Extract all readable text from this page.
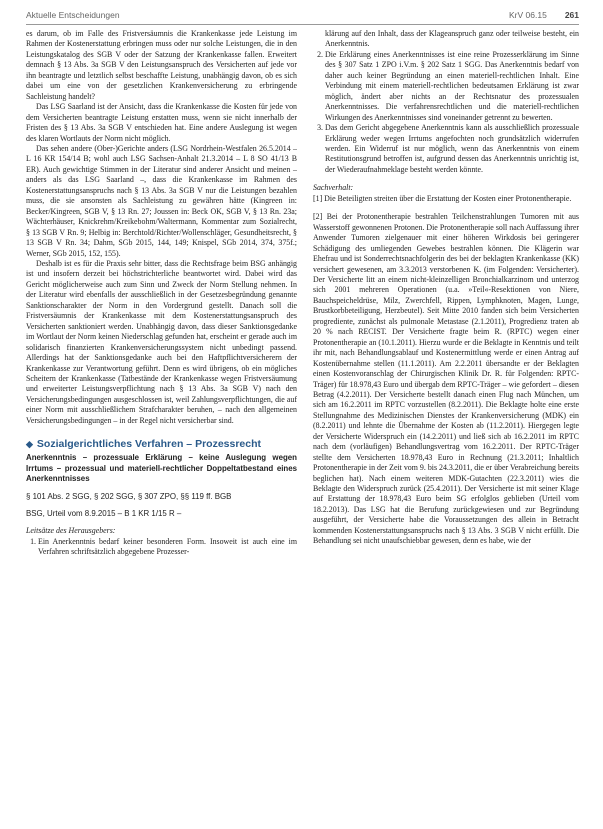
Aktuelle Entscheidungen	KrV 06.15 261

es darum, ob im Falle des Fristversäumnis die Krankenkasse jede Leistung im Rahmen der Kostenerstattung erbringen muss oder nur solche Leistungen, die in den Leistungskatalog des SGB V oder der Satzung der Krankenkasse fallen. Erweitert demnach § 13 Abs. 3a SGB V den Leistungsanspruch des Versicherten auf jede vor ihn beantragte und letztlich selbst beschaffte Leistung, unabhängig davon, ob es sich dabei um eine von der gesetzlichen Krankenversicherung zu erbringende Sachleistung handelt?

Das LSG Saarland ist der Ansicht, dass die Krankenkasse die Kosten für jede von dem Versicherten beantragte Leistung erstatten muss, wenn sie nicht innerhalb der Fristen des § 13 Abs. 3a SGB V entschieden hat. Eine andere Auslegung ist wegen des klaren Wortlauts der Norm nicht möglich.

Das sehen andere (Ober-)Gerichte anders (LSG Nordrhein-Westfalen 26.5.2014 – L 16 KR 154/14 B; wohl auch LSG Sachsen-Anhalt 21.3.2014 – L 8 SO 41/13 B ER). Auch gewichtige Stimmen in der Literatur sind anderer Ansicht und meinen – anders als das LSG Saarland –, dass die Krankenkasse im Rahmen des Kostenerstattungsanspruchs nach § 13 Abs. 3a SGB V nur die Leistungen bezahlen muss, die sie ansonsten als Sachleistung zu gewähren hätte (Kingreen in: Becker/Kingreen, SGB V, § 13 Rn. 27; Joussen in: Beck OK, SGB V, § 13 Rn. 23a; Wächterhäuser, Knickrehm/Kreikebohm/Waltermann, Kommentar zum Sozialrecht, § 13 SGB V Rn. 9; Helbig in: Berchtold/Richter/Wollenschläger, Gesundheitsrecht, § 13 SGB V Rn. 34; Dahm, SGb 2015, 144, 149; Knispel, SGb 2014, 374, 375f.; Werner, SGb 2015, 152, 155).

Deshalb ist es für die Praxis sehr bitter, dass die Rechtsfrage beim BSG anhängig ist und insofern derzeit bei höchstrichterliche beantwortet wird. Dabei wird das Gericht möglicherweise auch zum Sinn und Zweck der Norm Stellung nehmen. In der Literatur wird ebenfalls der ausschließlich in der Gesetzesbegründung genannte Sanktionscharakter der Norm in den Vordergrund gestellt. Danach soll die Fristversäumnis der Krankenkasse mit dem Kostenerstattungsanspruch des Versicherten sanktioniert werden. Unabhängig davon, dass dieser Sanktionsgedanke im Wortlaut der Norm keinen Niederschlag gefunden hat, erscheint er gerade auch im solidarisch finanzierten Krankenversicherungssystem nicht unbedingt passend. Allerdings hat der Sanktionsgedanke auch bei den Haftpflichtversicherern der Krankenkasse zur Verantwortung geführt. Denn es wird übrigens, ob ein mögliches Scheitern der Krankenkasse (Tatbestände der Krankenkasse wegen Fristversäumung und erweiterter Leistungsverpflichtung nach § 13 Abs. 3a SGB V) nach den Versicherungsbedingungen ausgeschlossen ist, weil Zahlungsverpflichtungen, die auf einer Norm mit ausschließlichem Strafcharakter beruhen, – nach den allgemeinen Versicherungsbedingungen – in der Regel nicht versicherbar sind.

◆ Sozialgerichtliches Verfahren – Prozessrecht
Anerkenntnis – prozessuale Erklärung – keine Auslegung wegen Irrtums – prozessual und materiell-rechtlicher Doppeltatbestand eines Anerkenntnisses
§ 101 Abs. 2 SGG, § 202 SGG, § 307 ZPO, §§ 119 ff. BGB
BSG, Urteil vom 8.9.2015 – B 1 KR 1/15 R –
Leitsätze des Herausgebers:
1. Ein Anerkenntnis bedarf keiner besonderen Form. Insoweit ist auch eine im Verfahren schriftsätzlich abgegebene Prozesser-

klärung auf den Inhalt, dass der Klageanspruch ganz oder teilweise besteht, ein Anerkenntnis.

2. Die Erklärung eines Anerkenntnisses ist eine reine Prozesserklärung im Sinne des § 307 Satz 1 ZPO i.V.m. § 202 Satz 1 SGG. Das Anerkenntnis bedarf von daher auch keiner Begründung an einen materiell-rechtlichen Inhalt. Eine Verbindung mit einem materiell-rechtlichen bedeutsamen Erklärung ist zwar möglich, ändert aber nichts an der Rechtsnatur des prozessualen Anerkenntnisses. Die verfahrensrechtlichen und die materiell-rechtlichen Wirkungen des Anerkenntnisses sind voneinander getrennt zu bewerten.
3. Das dem Gericht abgegebene Anerkenntnis kann als ausschließlich prozessuale Erklärung weder wegen Irrtums angefochten noch grundsätzlich widerrufen werden. Ein Widerruf ist nur möglich, wenn das Anerkenntnis von einem Restitutionsgrund betroffen ist, aufgrund dessen das Anerkenntnis unrichtig ist, der Wiederaufnahmeklage besteht werden könnte.
Sachverhalt:

[1] Die Beteiligten streiten über die Erstattung der Kosten einer Protonentherapie.

[2] Bei der Protonentherapie bestrahlen Teilchenstrahlungen Tumoren mit aus Wasserstoff gewonnenen Protonen. Die Protonentherapie soll nach Auffassung ihrer Anwender Tumoren zielgenauer mit einer höheren Wirkdosis bei geringerer Schädigung des umliegenden Gewebes bestrahlen können. Die Klägerin war Ehefrau und ist Sonderrechtsnachfolgerin des bei der beklagten Krankenkasse (KK) versichert gewesenen, am 3.3.2013 verstorbenen K. (im Folgenden: Versicherter). Der Versicherte litt an einem nicht-kleinzelligen Bronchialkarzinom und unterzog sich 2001 mehreren Operationen (u.a. »Teil«-Resektionen von Niere, Bauchspeicheldrüse, Milz, Zwerchfell, Rippen, Lymphknoten, Magen, Lunge, Brustkorbbeteiligung, Herzbeutel). Seit Mitte 2010 fanden sich beim Versicherten progrediente, zunächst als pulmonale Metastase (2.1.2011), Progredienz traten ab 20 % nach RECIST. Der Versicherte fragte beim R. (RPTC) wegen einer Protonentherapie an (10.1.2011). Hierzu wurde er die Beklagte in Kenntnis und teilt ihr mit, nach Behandlungsablauf und Kostenermittlung werde er einen Antrag auf Kostenübernahme stellen (11.1.2011). Am 2.2.2011 übersandte er der Beklagten einen Kostenvoranschlag der Chirurgischen Klinik Dr. R. für Folgenden: RPTC-Träger) für 18.978,43 Euro und übergab dem RPTC-Träger – wie gefordert – diesen Betrag (4.2.2011). Der Versicherte bestellt danach einen Flug nach München, um sich am 16.2.2011 im RPTC vorzustellen (8.2.2011). Die Beklagte holte eine erste Stellungnahme des Medizinischen Dienstes der Krankenversicherung (MDK) ein (8.2.2011) und lehnte die Übernahme der Kosten ab (11.2.2011). Hiergegen legte der Versicherte Widerspruch ein (14.2.2011) und ließ sich ab 16.2.2011 im RPTC nach dem (vorläufigen) Behandlungsvertrag vom 16.2.2011. Der RPTC-Träger stellte dem Versicherten 18.978,43 Euro in Rechnung (21.3.2011; Inhaltlich Protonentherapie in der Zeit vom 9. bis 24.3.2011, die er über Verabreichung bereits beglichen hat). Nach einem weiteren MDK-Gutachten (22.3.2011) wies die Beklagte den Widerspruch zurück (25.4.2011). Der Versicherte ist mit seiner Klage auf Erstattung der 18.978,43 Euro beim SG erfolglos geblieben (Urteil vom 18.2.2013). Das LSG hat die Berufung zurückgewiesen und zur Begründung ausgeführt, der Versicherte habe die Voraussetzungen des allein in Betracht kommenden Kostenerstattungsanspruchs nach § 13 Abs. 3 SGB V nicht erfüllt. Die Behandlung sei nicht unaufschiebbar gewesen, denn es habe, wie der
